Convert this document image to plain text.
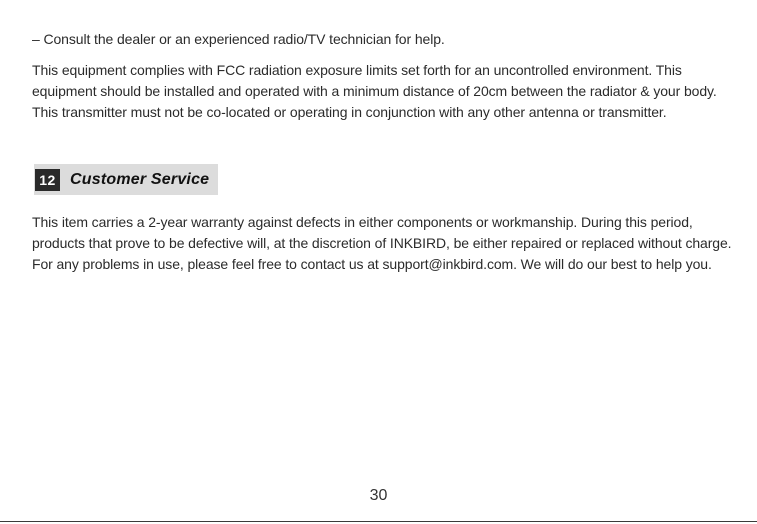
– Consult the dealer or an experienced radio/TV technician for help.

This equipment complies with FCC radiation exposure limits set forth for an uncontrolled environment. This equipment should be installed and operated with a minimum distance of 20cm between the radiator & your body. This transmitter must not be co-located or operating in conjunction with any other antenna or transmitter.

12 Customer Service

This item carries a 2-year warranty against defects in either components or workmanship. During this period, products that prove to be defective will, at the discretion of INKBIRD, be either repaired or replaced without charge. For any problems in use, please feel free to contact us at support@inkbird.com. We will do our best to help you.

30
